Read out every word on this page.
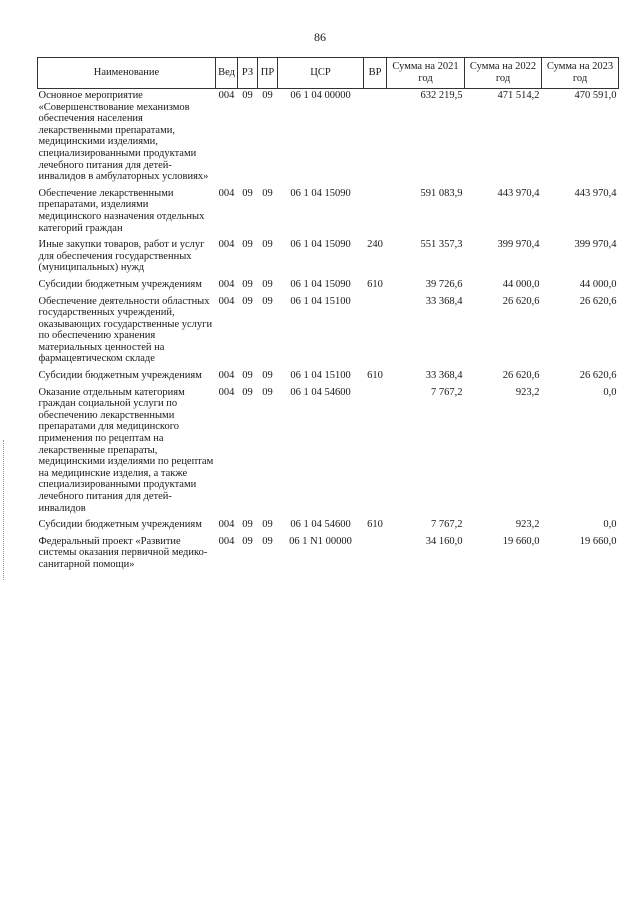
86
Наименование	Вед	РЗ	ПР	ЦСР	ВР	Сумма на 2021 год	Сумма на 2022 год	Сумма на 2023 год
Основное мероприятие «Совершенствование механизмов обеспечения населения лекарственными препаратами, медицинскими изделиями, специализированными продуктами лечебного питания для детей-инвалидов в амбулаторных условиях»	004	09	09	06 1 04 00000		632 219,5	471 514,2	470 591,0
Обеспечение лекарственными препаратами, изделиями медицинского назначения отдельных категорий граждан	004	09	09	06 1 04 15090		591 083,9	443 970,4	443 970,4
Иные закупки товаров, работ и услуг для обеспечения государственных (муниципальных) нужд	004	09	09	06 1 04 15090	240	551 357,3	399 970,4	399 970,4
Субсидии бюджетным учреждениям	004	09	09	06 1 04 15090	610	39 726,6	44 000,0	44 000,0
Обеспечение деятельности областных государственных учреждений, оказывающих государственные услуги по обеспечению хранения материальных ценностей на фармацевтическом складе	004	09	09	06 1 04 15100		33 368,4	26 620,6	26 620,6
Субсидии бюджетным учреждениям	004	09	09	06 1 04 15100	610	33 368,4	26 620,6	26 620,6
Оказание отдельным категориям граждан социальной услуги по обеспечению лекарственными препаратами для медицинского применения по рецептам на лекарственные препараты, медицинскими изделиями по рецептам на медицинские изделия, а также специализированными продуктами лечебного питания для детей-инвалидов	004	09	09	06 1 04 54600		7 767,2	923,2	0,0
Субсидии бюджетным учреждениям	004	09	09	06 1 04 54600	610	7 767,2	923,2	0,0
Федеральный проект «Развитие системы оказания первичной медико-санитарной помощи»	004	09	09	06 1 N1 00000		34 160,0	19 660,0	19 660,0
